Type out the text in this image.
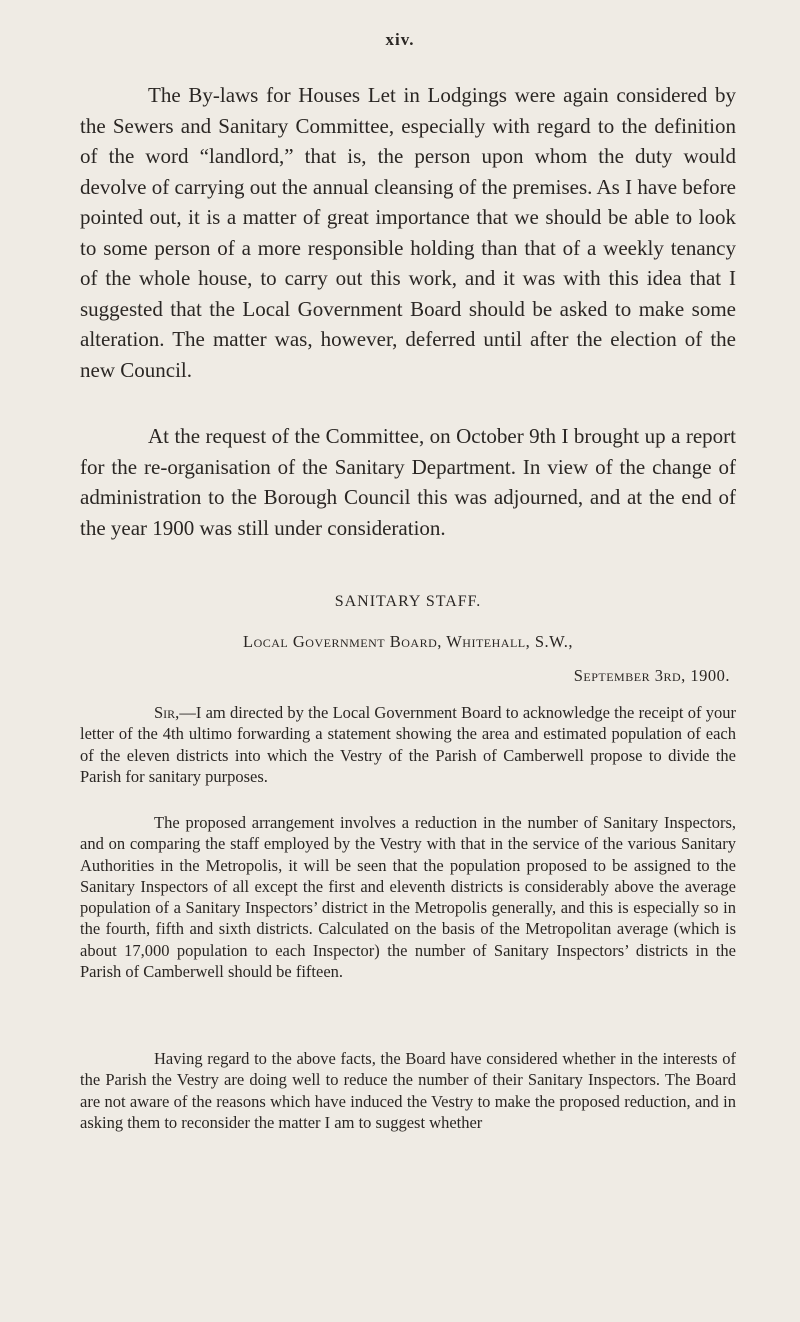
xiv.

The By-laws for Houses Let in Lodgings were again considered by the Sewers and Sanitary Committee, especially with regard to the definition of the word “landlord,” that is, the person upon whom the duty would devolve of carrying out the annual cleansing of the premises. As I have before pointed out, it is a matter of great importance that we should be able to look to some person of a more responsible holding than that of a weekly tenancy of the whole house, to carry out this work, and it was with this idea that I suggested that the Local Government Board should be asked to make some alteration. The matter was, however, deferred until after the election of the new Council.

At the request of the Committee, on October 9th I brought up a report for the re-organisation of the Sanitary Department. In view of the change of administration to the Borough Council this was adjourned, and at the end of the year 1900 was still under consideration.

SANITARY STAFF.
Local Government Board, Whitehall, S.W.,
September 3rd, 1900.

Sir,—I am directed by the Local Government Board to acknowledge the receipt of your letter of the 4th ultimo forwarding a statement showing the area and estimated population of each of the eleven districts into which the Vestry of the Parish of Camberwell propose to divide the Parish for sanitary purposes.

The proposed arrangement involves a reduction in the number of Sanitary Inspectors, and on comparing the staff employed by the Vestry with that in the service of the various Sanitary Authorities in the Metropolis, it will be seen that the population proposed to be assigned to the Sanitary Inspectors of all except the first and eleventh districts is considerably above the average population of a Sanitary Inspectors’ district in the Metropolis generally, and this is especially so in the fourth, fifth and sixth districts. Calculated on the basis of the Metropolitan average (which is about 17,000 population to each Inspector) the number of Sanitary Inspectors’ districts in the Parish of Camberwell should be fifteen.

Having regard to the above facts, the Board have considered whether in the interests of the Parish the Vestry are doing well to reduce the number of their Sanitary Inspectors. The Board are not aware of the reasons which have induced the Vestry to make the proposed reduction, and in asking them to reconsider the matter I am to suggest whether
